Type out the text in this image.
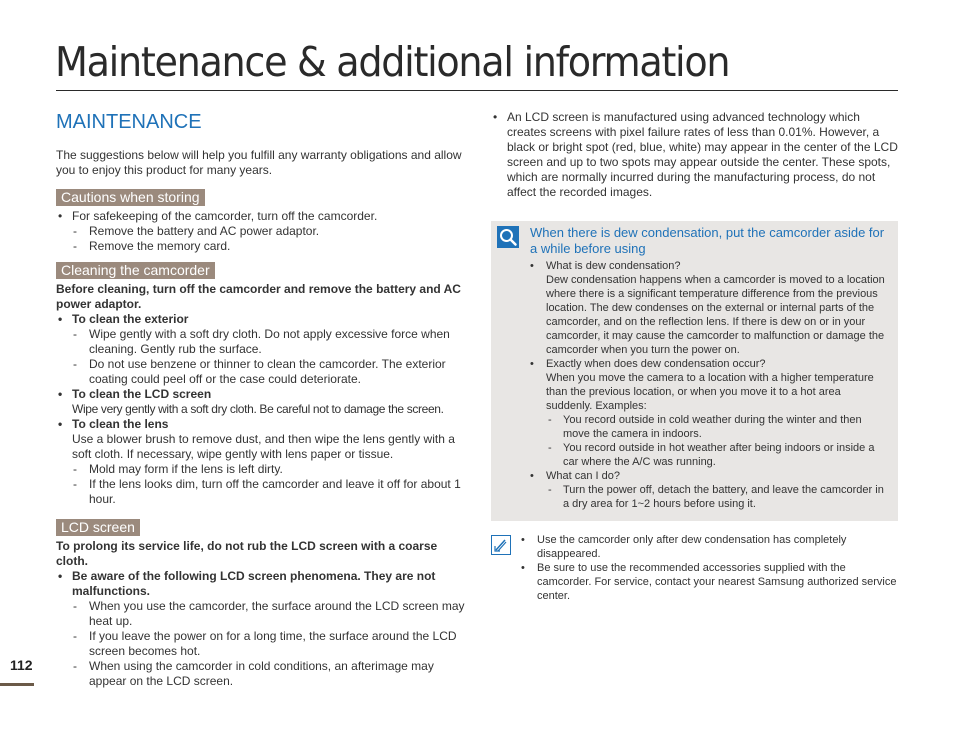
Maintenance & additional information
MAINTENANCE

The suggestions below will help you fulfill any warranty obligations and allow you to enjoy this product for many years.

Cautions when storing
• For safekeeping of the camcorder, turn off the camcorder.
- Remove the battery and AC power adaptor.
- Remove the memory card.
Cleaning the camcorder

Before cleaning, turn off the camcorder and remove the battery and AC power adaptor.

• To clean the exterior
- Wipe gently with a soft dry cloth. Do not apply excessive force when cleaning. Gently rub the surface.
- Do not use benzene or thinner to clean the camcorder. The exterior coating could peel off or the case could deteriorate.
• To clean the LCD screen
Wipe very gently with a soft dry cloth. Be careful not to damage the screen.
• To clean the lens
Use a blower brush to remove dust, and then wipe the lens gently with a soft cloth. If necessary, wipe gently with lens paper or tissue.
- Mold may form if the lens is left dirty.
- If the lens looks dim, turn off the camcorder and leave it off for about 1 hour.
LCD screen

To prolong its service life, do not rub the LCD screen with a coarse cloth.

• Be aware of the following LCD screen phenomena. They are not malfunctions.
- When you use the camcorder, the surface around the LCD screen may heat up.
- If you leave the power on for a long time, the surface around the LCD screen becomes hot.
- When using the camcorder in cold conditions, an afterimage may appear on the LCD screen.
• An LCD screen is manufactured using advanced technology which creates screens with pixel failure rates of less than 0.01%. However, a black or bright spot (red, blue, white) may appear in the center of the LCD screen and up to two spots may appear outside the center. These spots, which are normally incurred during the manufacturing process, do not affect the recorded images.
When there is dew condensation, put the camcorder aside for a while before using
• What is dew condensation?
Dew condensation happens when a camcorder is moved to a location where there is a significant temperature difference from the previous location. The dew condenses on the external or internal parts of the camcorder, and on the reflection lens. If there is dew on or in your camcorder, it may cause the camcorder to malfunction or damage the camcorder when you turn the power on.
• Exactly when does dew condensation occur?
When you move the camera to a location with a higher temperature than the previous location, or when you move it to a hot area suddenly. Examples:
- You record outside in cold weather during the winter and then move the camera in indoors.
- You record outside in hot weather after being indoors or inside a car where the A/C was running.
• What can I do?
- Turn the power off, detach the battery, and leave the camcorder in a dry area for 1~2 hours before using it.
• Use the camcorder only after dew condensation has completely disappeared.
• Be sure to use the recommended accessories supplied with the camcorder. For service, contact your nearest Samsung authorized service center.
112
